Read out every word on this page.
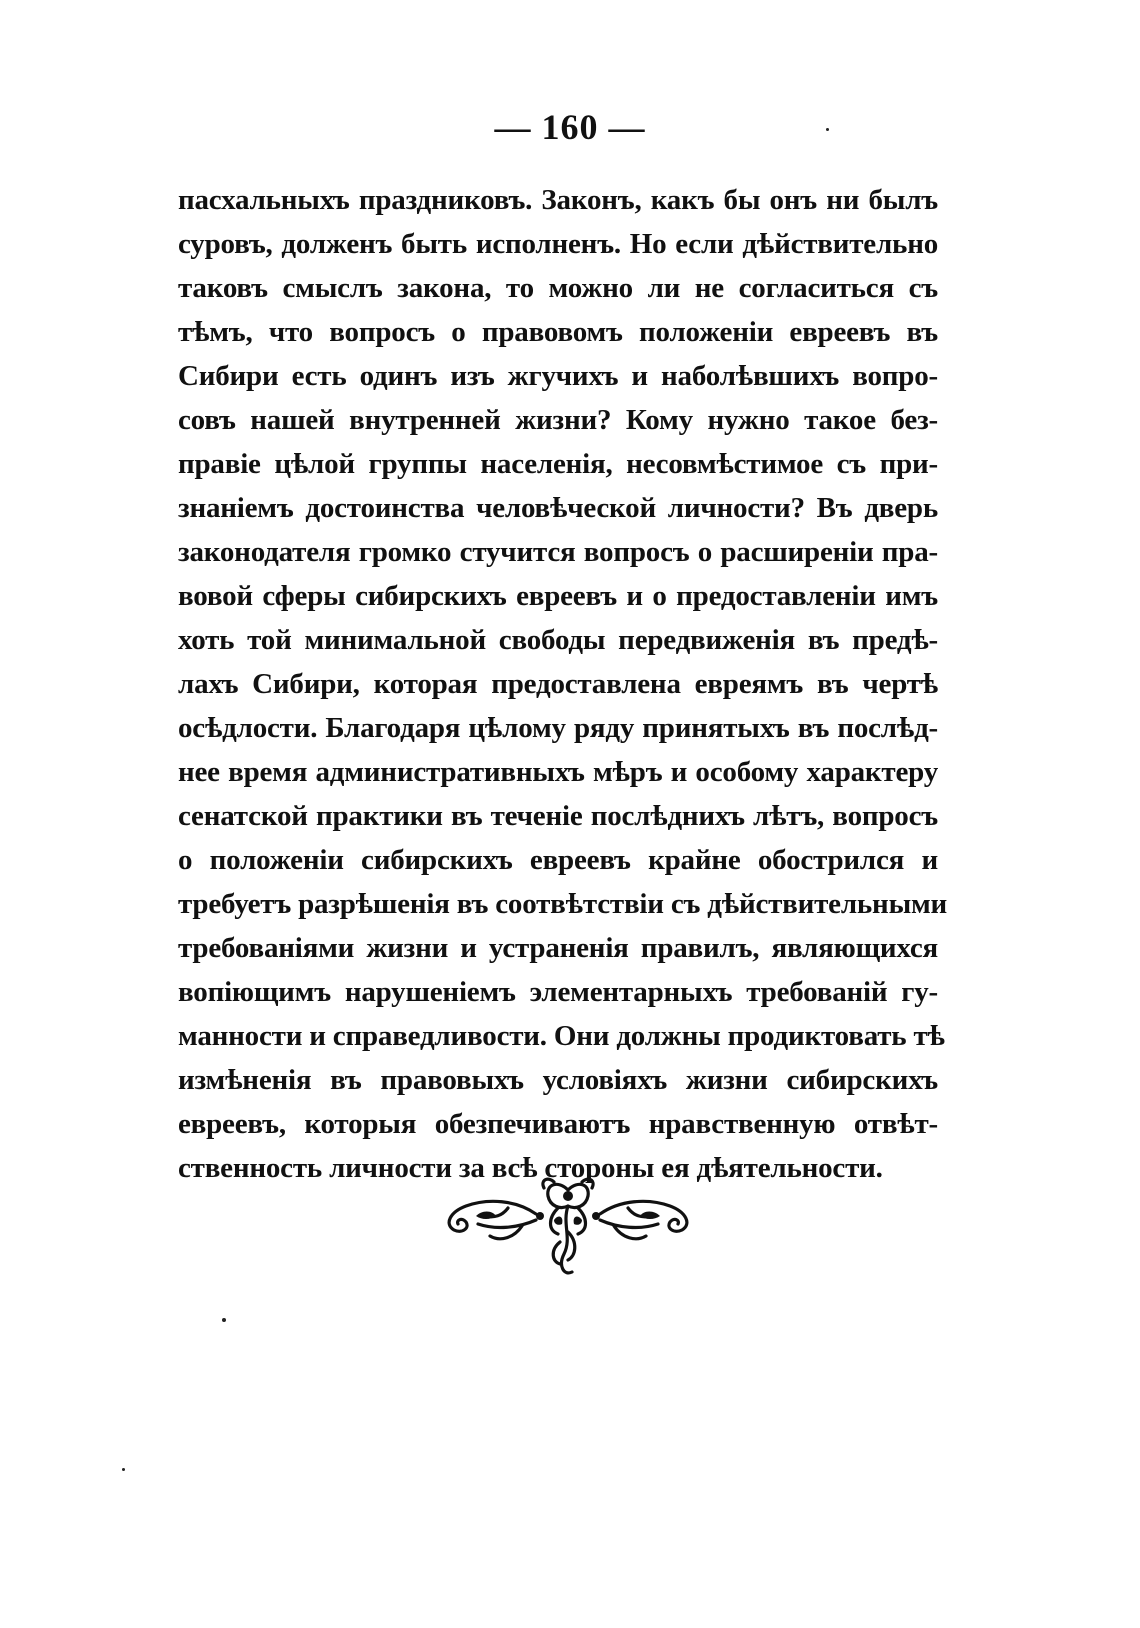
— 160 —
пасхальныхъ праздниковъ. Законъ, какъ бы онъ ни былъ
суровъ, долженъ быть исполненъ. Но если дѣйствительно
таковъ смыслъ закона, то можно ли не согласиться съ
тѣмъ, что вопросъ о правовомъ положеніи евреевъ въ
Сибири есть одинъ изъ жгучихъ и наболѣвшихъ вопро-
совъ нашей внутренней жизни? Кому нужно такое без-
правіе цѣлой группы населенія, несовмѣстимое съ при-
знаніемъ достоинства человѣческой личности? Въ дверь
законодателя громко стучится вопросъ о расширеніи пра-
вовой сферы сибирскихъ евреевъ и о предоставленіи имъ
хоть той минимальной свободы передвиженія въ предѣ-
лахъ Сибири, которая предоставлена евреямъ въ чертѣ
осѣдлости. Благодаря цѣлому ряду принятыхъ въ послѣд-
нее время административныхъ мѣръ и особому характеру
сенатской практики въ теченіе послѣднихъ лѣтъ, вопросъ
о положеніи сибирскихъ евреевъ крайне обострился и
требуетъ разрѣшенія въ соотвѣтствіи съ дѣйствительными
требованіями жизни и устраненія правилъ, являющихся
вопіющимъ нарушеніемъ элементарныхъ требованій гу-
манности и справедливости. Они должны продиктовать тѣ
измѣненія въ правовыхъ условіяхъ жизни сибирскихъ
евреевъ, которыя обезпечиваютъ нравственную отвѣт-
ственность личности за всѣ стороны ея дѣятельности.
